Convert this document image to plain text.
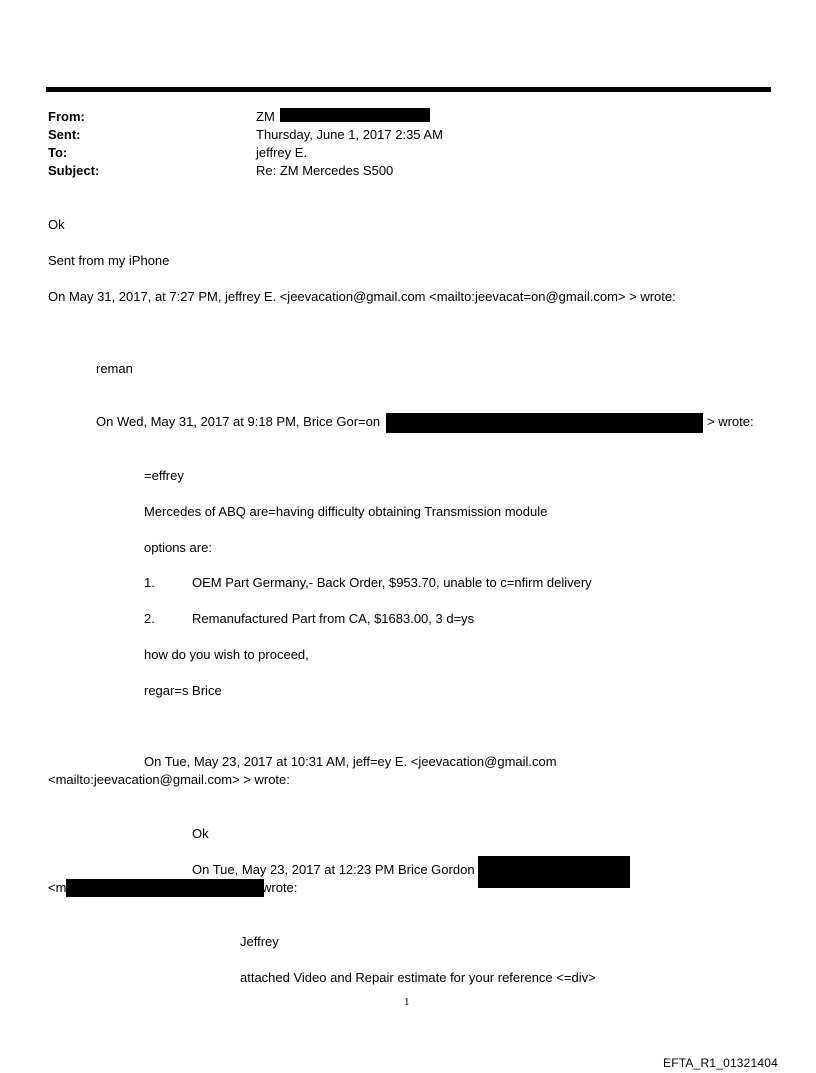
From:	ZM
Sent:	Thursday, June 1, 2017 2:35 AM
To:	jeffrey E.
Subject:	Re: ZM Mercedes S500
Ok
Sent from my iPhone
On May 31, 2017, at 7:27 PM, jeffrey E. <jeevacation@gmail.com <mailto:jeevacat=on@gmail.com> > wrote:
reman
On Wed, May 31, 2017 at 9:18 PM, Brice Gor=on	> wrote:
=effrey
Mercedes of ABQ are=having difficulty obtaining Transmission module
options are:
1.	OEM Part Germany,- Back Order, $953.70, unable to c=nfirm delivery
2.	Remanufactured Part from CA, $1683.00, 3 d=ys
how do you wish to proceed,
regar=s Brice
On Tue, May 23, 2017 at 10:31 AM, jeff=ey E. <jeevacation@gmail.com
<mailto:jeevacation@gmail.com> > wrote:
Ok
On Tue, May 23, 2017 at 12:23 PM Brice Gordon
<m	wrote:
Jeffrey
attached Video and Repair estimate for your reference <=div>
1
EFTA_R1_01321404
